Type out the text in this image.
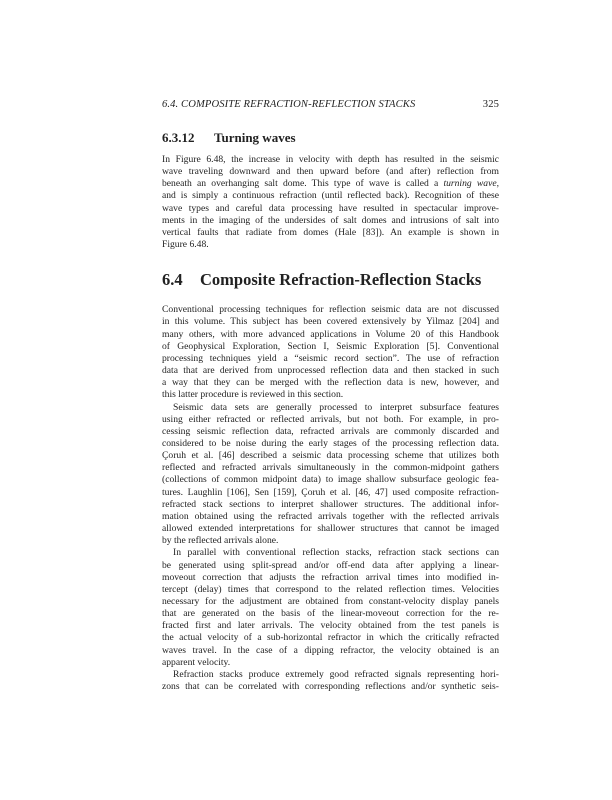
6.4. COMPOSITE REFRACTION-REFLECTION STACKS	325
6.3.12 Turning waves

In Figure 6.48, the increase in velocity with depth has resulted in the seismic
wave traveling downward and then upward before (and after) reflection from
beneath an overhanging salt dome. This type of wave is called a turning wave,
and is simply a continuous refraction (until reflected back). Recognition of these
wave types and careful data processing have resulted in spectacular improve-
ments in the imaging of the undersides of salt domes and intrusions of salt into
vertical faults that radiate from domes (Hale [83]). An example is shown in
Figure 6.48.

6.4 Composite Refraction-Reflection Stacks

Conventional processing techniques for reflection seismic data are not discussed
in this volume. This subject has been covered extensively by Yilmaz [204] and
many others, with more advanced applications in Volume 20 of this Handbook
of Geophysical Exploration, Section I, Seismic Exploration [5]. Conventional
processing techniques yield a “seismic record section”. The use of refraction
data that are derived from unprocessed reflection data and then stacked in such
a way that they can be merged with the reflection data is new, however, and
this latter procedure is reviewed in this section.

Seismic data sets are generally processed to interpret subsurface features
using either refracted or reflected arrivals, but not both. For example, in pro-
cessing seismic reflection data, refracted arrivals are commonly discarded and
considered to be noise during the early stages of the processing reflection data.
Çoruh et al. [46] described a seismic data processing scheme that utilizes both
reflected and refracted arrivals simultaneously in the common-midpoint gathers
(collections of common midpoint data) to image shallow subsurface geologic fea-
tures. Laughlin [106], Sen [159], Çoruh et al. [46, 47] used composite refraction-
refracted stack sections to interpret shallower structures. The additional infor-
mation obtained using the refracted arrivals together with the reflected arrivals
allowed extended interpretations for shallower structures that cannot be imaged
by the reflected arrivals alone.

In parallel with conventional reflection stacks, refraction stack sections can
be generated using split-spread and/or off-end data after applying a linear-
moveout correction that adjusts the refraction arrival times into modified in-
tercept (delay) times that correspond to the related reflection times. Velocities
necessary for the adjustment are obtained from constant-velocity display panels
that are generated on the basis of the linear-moveout correction for the re-
fracted first and later arrivals. The velocity obtained from the test panels is
the actual velocity of a sub-horizontal refractor in which the critically refracted
waves travel. In the case of a dipping refractor, the velocity obtained is an
apparent velocity.

Refraction stacks produce extremely good refracted signals representing hori-
zons that can be correlated with corresponding reflections and/or synthetic seis-
